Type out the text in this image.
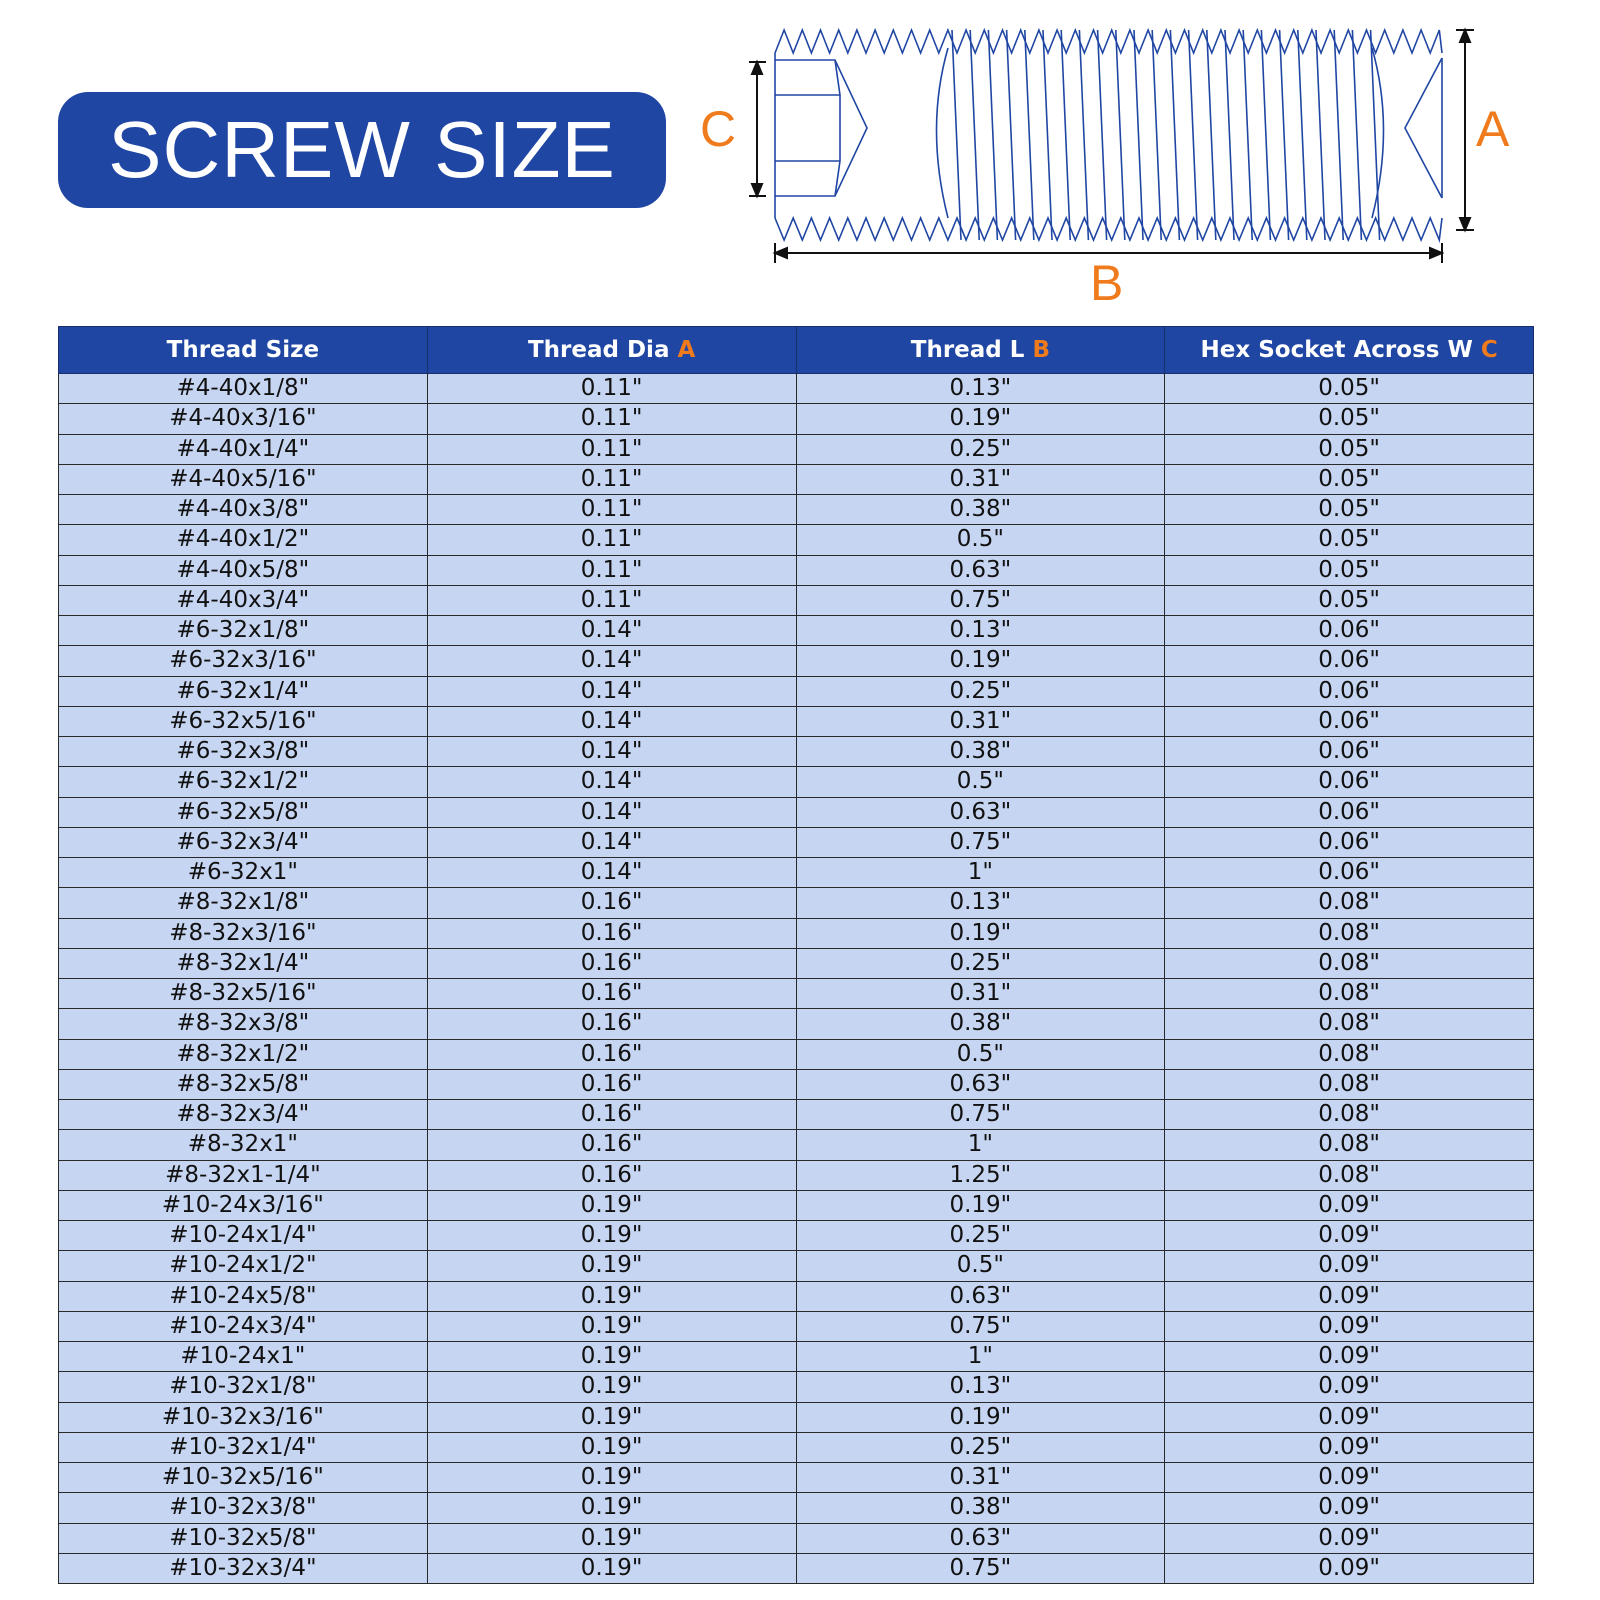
SCREW SIZE C	A
B
Thread Size	Thread Dia A	Thread L B	Hex Socket Across W C
#4-40x1/8"	0.11"	0.13"	0.05"
#4-40x3/16"	0.11"	0.19"	0.05"
#4-40x1/4"	0.11"	0.25"	0.05"
#4-40x5/16"	0.11"	0.31"	0.05"
#4-40x3/8"	0.11"	0.38"	0.05"
#4-40x1/2"	0.11"	0.5"	0.05"
#4-40x5/8"	0.11"	0.63"	0.05"
#4-40x3/4"	0.11"	0.75"	0.05"
#6-32x1/8"	0.14"	0.13"	0.06"
#6-32x3/16"	0.14"	0.19"	0.06"
#6-32x1/4"	0.14"	0.25"	0.06"
#6-32x5/16"	0.14"	0.31"	0.06"
#6-32x3/8"	0.14"	0.38"	0.06"
#6-32x1/2"	0.14"	0.5"	0.06"
#6-32x5/8"	0.14"	0.63"	0.06"
#6-32x3/4"	0.14"	0.75"	0.06"
#6-32x1"	0.14"	1"	0.06"
#8-32x1/8"	0.16"	0.13"	0.08"
#8-32x3/16"	0.16"	0.19"	0.08"
#8-32x1/4"	0.16"	0.25"	0.08"
#8-32x5/16"	0.16"	0.31"	0.08"
#8-32x3/8"	0.16"	0.38"	0.08"
#8-32x1/2"	0.16"	0.5"	0.08"
#8-32x5/8"	0.16"	0.63"	0.08"
#8-32x3/4"	0.16"	0.75"	0.08"
#8-32x1"	0.16"	1"	0.08"
#8-32x1-1/4"	0.16"	1.25"	0.08"
#10-24x3/16"	0.19"	0.19"	0.09"
#10-24x1/4"	0.19"	0.25"	0.09"
#10-24x1/2"	0.19"	0.5"	0.09"
#10-24x5/8"	0.19"	0.63"	0.09"
#10-24x3/4"	0.19"	0.75"	0.09"
#10-24x1"	0.19"	1"	0.09"
#10-32x1/8"	0.19"	0.13"	0.09"
#10-32x3/16"	0.19"	0.19"	0.09"
#10-32x1/4"	0.19"	0.25"	0.09"
#10-32x5/16"	0.19"	0.31"	0.09"
#10-32x3/8"	0.19"	0.38"	0.09"
#10-32x5/8"	0.19"	0.63"	0.09"
#10-32x3/4"	0.19"	0.75"	0.09"
